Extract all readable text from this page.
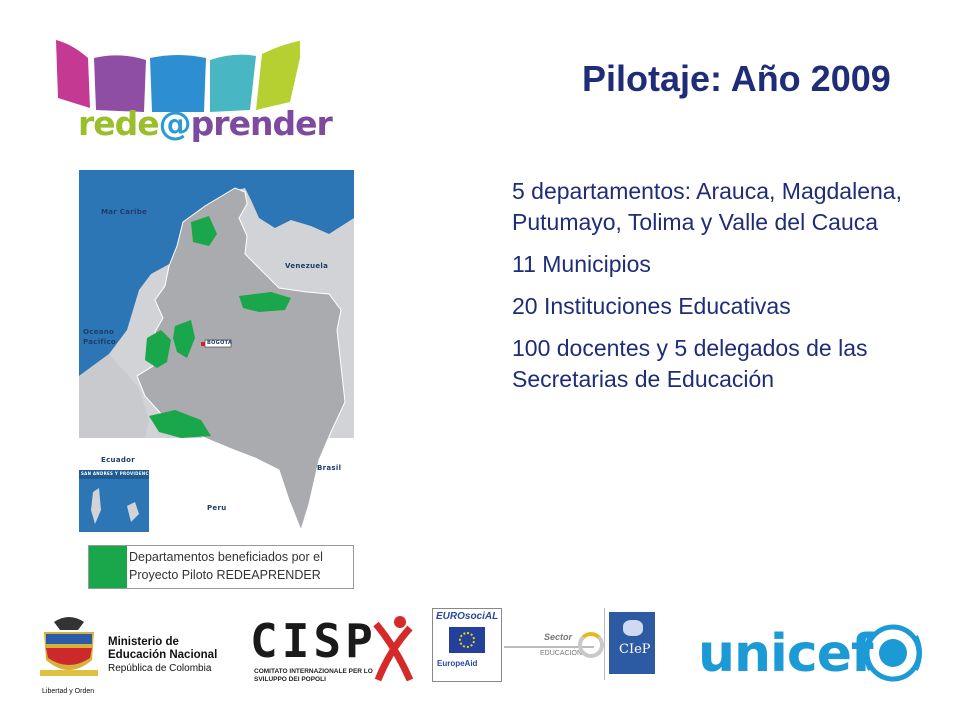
rede@prender
Pilotaje: Año 2009

5 departamentos: Arauca, Magdalena, Putumayo, Tolima y Valle del Cauca

11 Municipios

20 Instituciones Educativas

100 docentes y 5 delegados de las Secretarias de Educación

Mar Caribe
Venezuela
Oceano
Pacifico
Ecuador
Peru
Brasil
BOGOTA
SAN ANDRES Y PROVIDENCIA
Departamentos beneficiados por el Proyecto Piloto REDEAPRENDER
Ministerio de
Educación Nacional
República de Colombia
Libertad y Orden
CISP
COMITATO INTERNAZIONALE PER LO
SVILUPPO DEI POPOLI
EUROsociAL
EuropeAid
Sector
EDUCACIÓN	CIeP unicef
